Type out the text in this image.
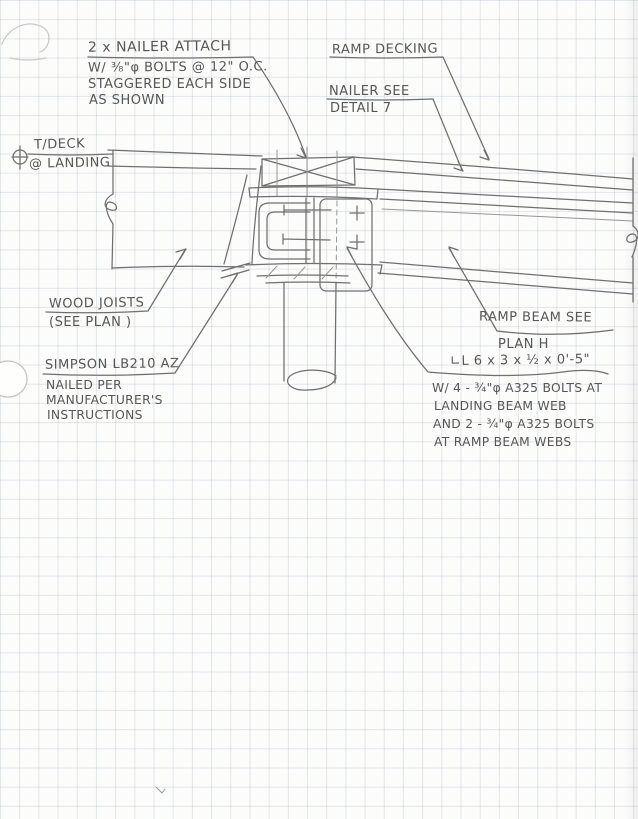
2 x NAILER ATTACH
W/ ⅜"φ BOLTS @ 12" O.C.
STAGGERED EACH SIDE
AS SHOWN
RAMP DECKING
NAILER SEE
DETAIL 7
T/DECK
@ LANDING
WOOD JOISTS
(SEE PLAN )
SIMPSON LB210 AZ
NAILED PER
MANUFACTURER'S
INSTRUCTIONS
RAMP BEAM SEE
PLAN H
∟L 6 x 3 x ½ x 0'-5"
W/ 4 - ¾"φ A325 BOLTS AT
LANDING BEAM WEB
AND 2 - ¾"φ A325 BOLTS
AT RAMP BEAM WEBS
